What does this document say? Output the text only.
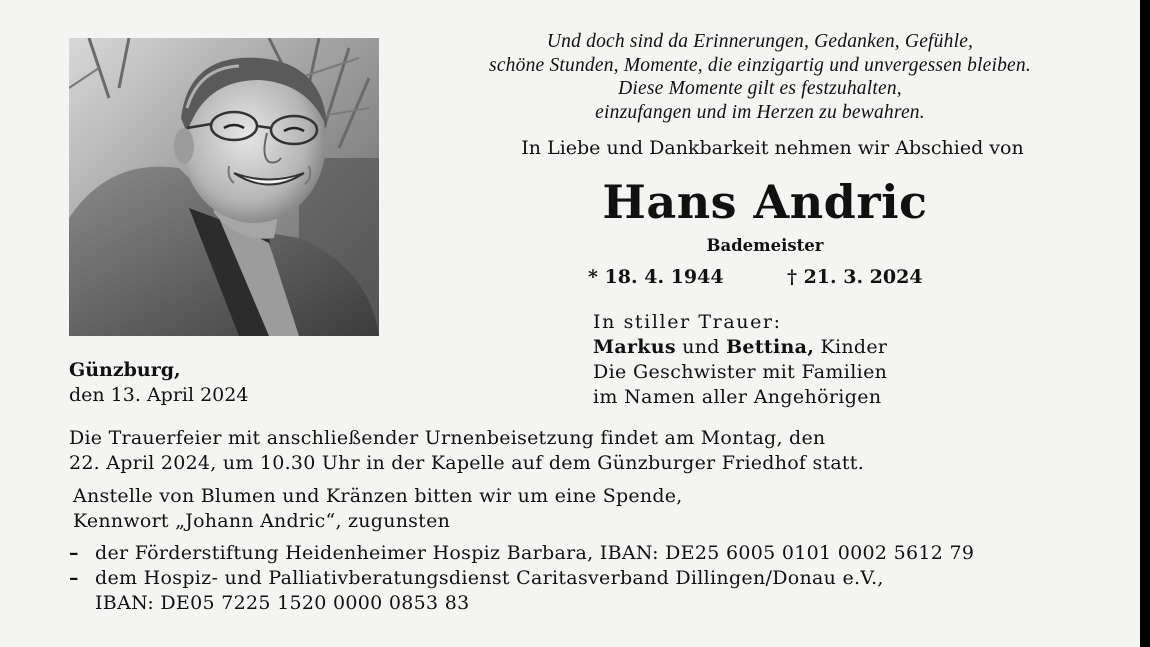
Und doch sind da Erinnerungen, Gedanken, Gefühle,
schöne Stunden, Momente, die einzigartig und unvergessen bleiben.
Diese Momente gilt es festzuhalten,
einzufangen und im Herzen zu bewahren.
In Liebe und Dankbarkeit nehmen wir Abschied von
Hans Andric
Bademeister
* 18. 4. 1944	† 21. 3. 2024
In stiller Trauer:
Markus und Bettina, Kinder
Die Geschwister mit Familien
im Namen aller Angehörigen
Günzburg,
den 13. April 2024
Die Trauerfeier mit anschließender Urnenbeisetzung findet am Montag, den
22. April 2024, um 10.30 Uhr in der Kapelle auf dem Günzburger Friedhof statt.
Anstelle von Blumen und Kränzen bitten wir um eine Spende,
Kennwort „Johann Andric“, zugunsten
– der Förderstiftung Heidenheimer Hospiz Barbara, IBAN: DE25 6005 0101 0002 5612 79
– dem Hospiz- und Palliativberatungsdienst Caritasverband Dillingen/Donau e.V.,
IBAN: DE05 7225 1520 0000 0853 83
